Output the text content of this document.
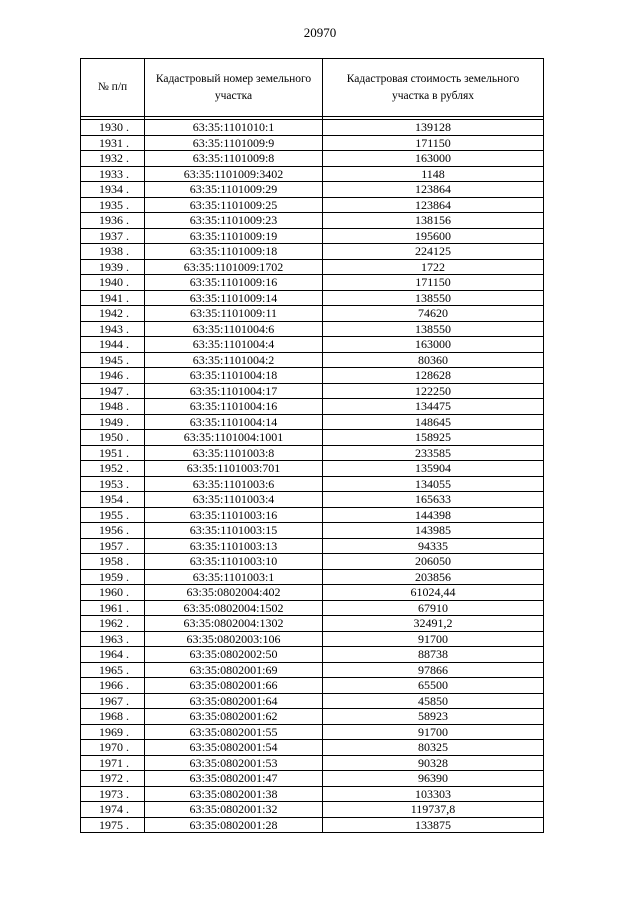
20970
№ п/п	Кадастровый номер земельного участка	Кадастровая стоимость земельного участка в рублях

1930 .	63:35:1101010:1	139128
1931 .	63:35:1101009:9	171150
1932 .	63:35:1101009:8	163000
1933 .	63:35:1101009:3402	1148
1934 .	63:35:1101009:29	123864
1935 .	63:35:1101009:25	123864
1936 .	63:35:1101009:23	138156
1937 .	63:35:1101009:19	195600
1938 .	63:35:1101009:18	224125
1939 .	63:35:1101009:1702	1722
1940 .	63:35:1101009:16	171150
1941 .	63:35:1101009:14	138550
1942 .	63:35:1101009:11	74620
1943 .	63:35:1101004:6	138550
1944 .	63:35:1101004:4	163000
1945 .	63:35:1101004:2	80360
1946 .	63:35:1101004:18	128628
1947 .	63:35:1101004:17	122250
1948 .	63:35:1101004:16	134475
1949 .	63:35:1101004:14	148645
1950 .	63:35:1101004:1001	158925
1951 .	63:35:1101003:8	233585
1952 .	63:35:1101003:701	135904
1953 .	63:35:1101003:6	134055
1954 .	63:35:1101003:4	165633
1955 .	63:35:1101003:16	144398
1956 .	63:35:1101003:15	143985
1957 .	63:35:1101003:13	94335
1958 .	63:35:1101003:10	206050
1959 .	63:35:1101003:1	203856
1960 .	63:35:0802004:402	61024,44
1961 .	63:35:0802004:1502	67910
1962 .	63:35:0802004:1302	32491,2
1963 .	63:35:0802003:106	91700
1964 .	63:35:0802002:50	88738
1965 .	63:35:0802001:69	97866
1966 .	63:35:0802001:66	65500
1967 .	63:35:0802001:64	45850
1968 .	63:35:0802001:62	58923
1969 .	63:35:0802001:55	91700
1970 .	63:35:0802001:54	80325
1971 .	63:35:0802001:53	90328
1972 .	63:35:0802001:47	96390
1973 .	63:35:0802001:38	103303
1974 .	63:35:0802001:32	119737,8
1975 .	63:35:0802001:28	133875
